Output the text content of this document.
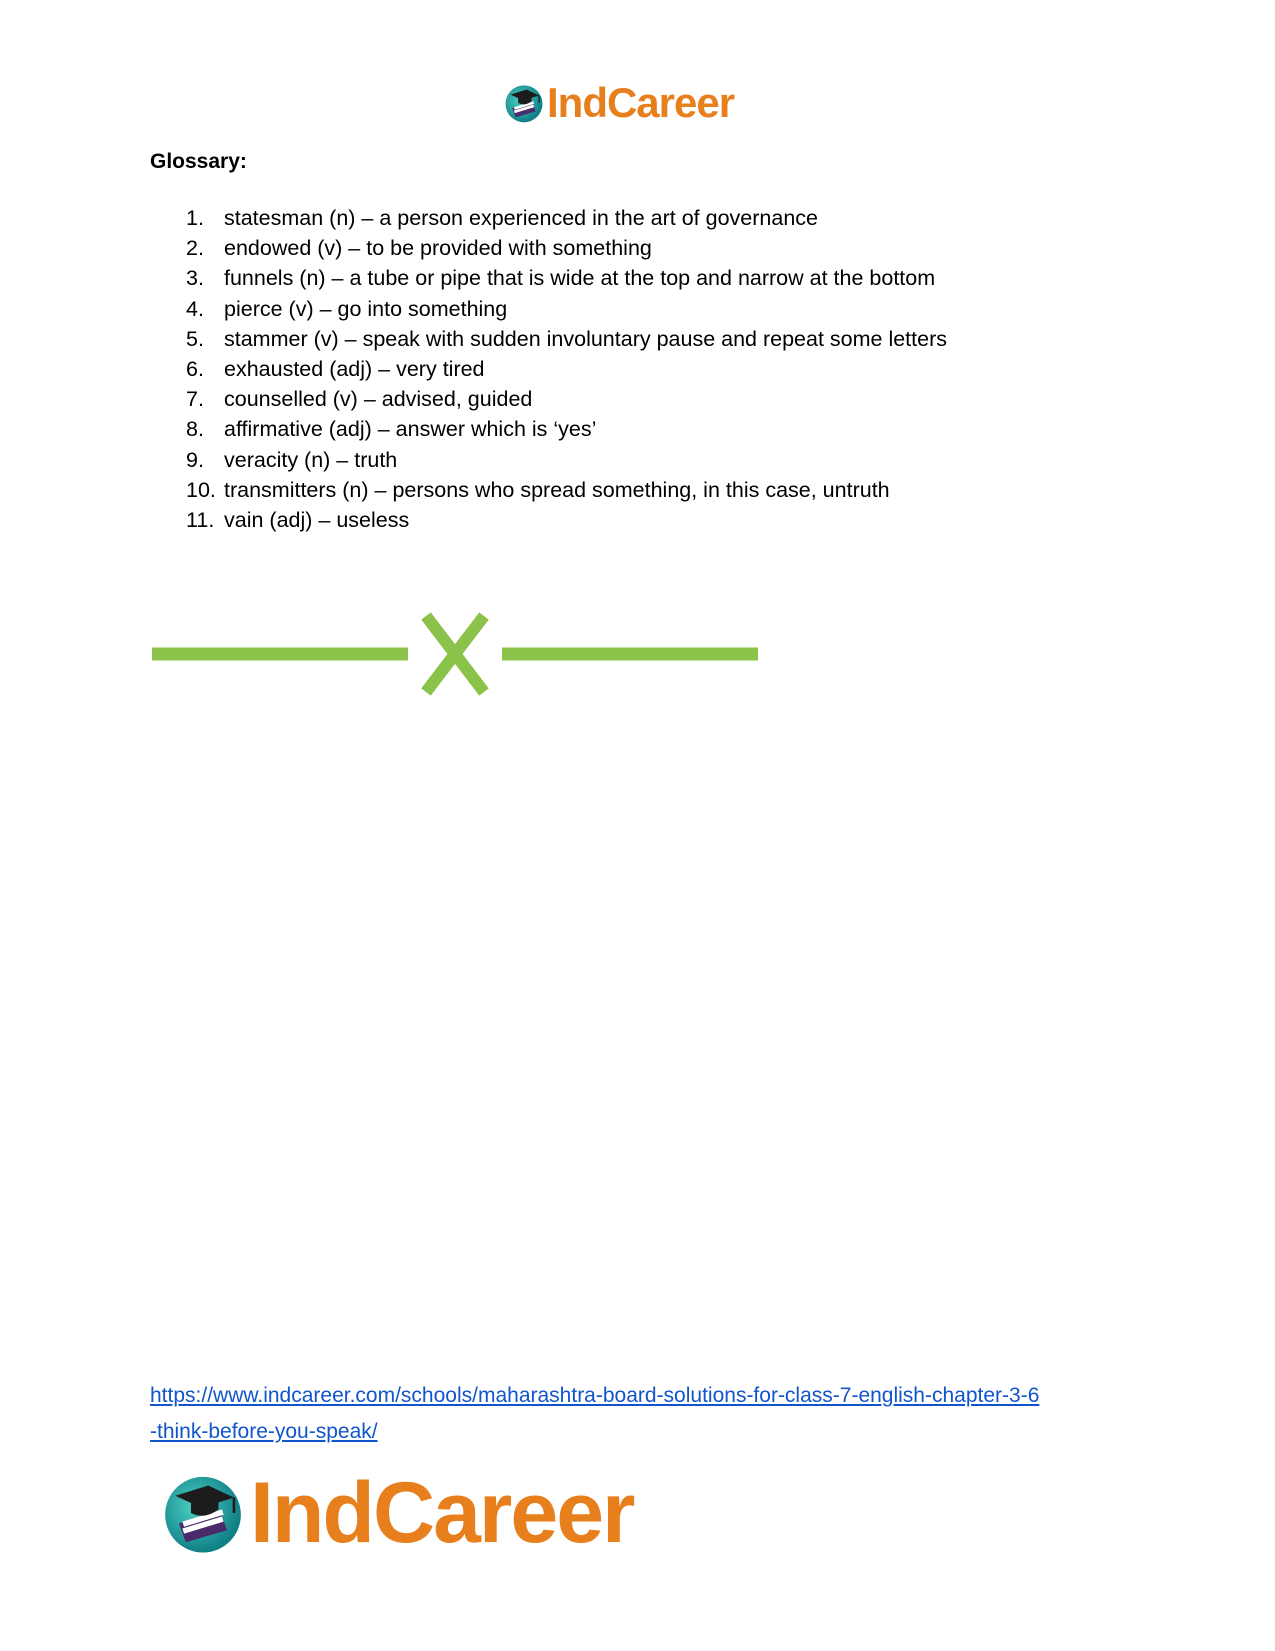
IndCareer
Glossary:
1. statesman (n) – a person experienced in the art of governance
2. endowed (v) – to be provided with something
3. funnels (n) – a tube or pipe that is wide at the top and narrow at the bottom
4. pierce (v) – go into something
5. stammer (v) – speak with sudden involuntary pause and repeat some letters
6. exhausted (adj) – very tired
7. counselled (v) – advised, guided
8. affirmative (adj) – answer which is ‘yes’
9. veracity (n) – truth
10. transmitters (n) – persons who spread something, in this case, untruth
11. vain (adj) – useless
https://www.indcareer.com/schools/maharashtra-board-solutions-for-class-7-english-chapter-3-6
-think-before-you-speak/
IndCareer
